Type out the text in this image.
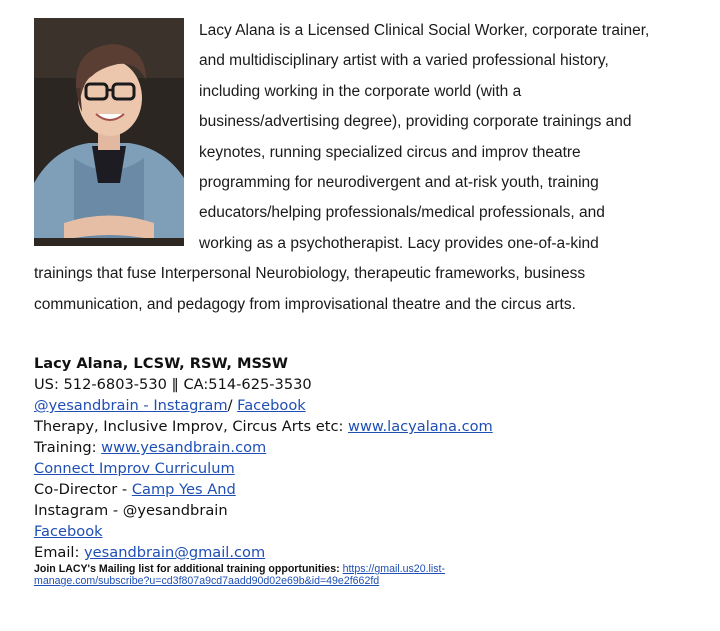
Lacy Alana is a Licensed Clinical Social Worker, corporate trainer,
and multidisciplinary artist with a varied professional history,
including working in the corporate world (with a
business/advertising degree), providing corporate trainings and
keynotes, running specialized circus and improv theatre
programming for neurodivergent and at-risk youth, training
educators/helping professionals/medical professionals, and
working as a psychotherapist. Lacy provides one-of-a-kind
trainings that fuse Interpersonal Neurobiology, therapeutic frameworks, business
communication, and pedagogy from improvisational theatre and the circus arts.

Lacy Alana, LCSW, RSW, MSSW
US: 512-6803-530 ‖ CA:514-625-3530
@yesandbrain - Instagram/ Facebook
Therapy, Inclusive Improv, Circus Arts etc: www.lacyalana.com
Training: www.yesandbrain.com
Connect Improv Curriculum
Co-Director - Camp Yes And
Instagram - @yesandbrain
Facebook
Email: yesandbrain@gmail.com
Join LACY's Mailing list for additional training opportunities: https://gmail.us20.list-
manage.com/subscribe?u=cd3f807a9cd7aadd90d02e69b&id=49e2f662fd
